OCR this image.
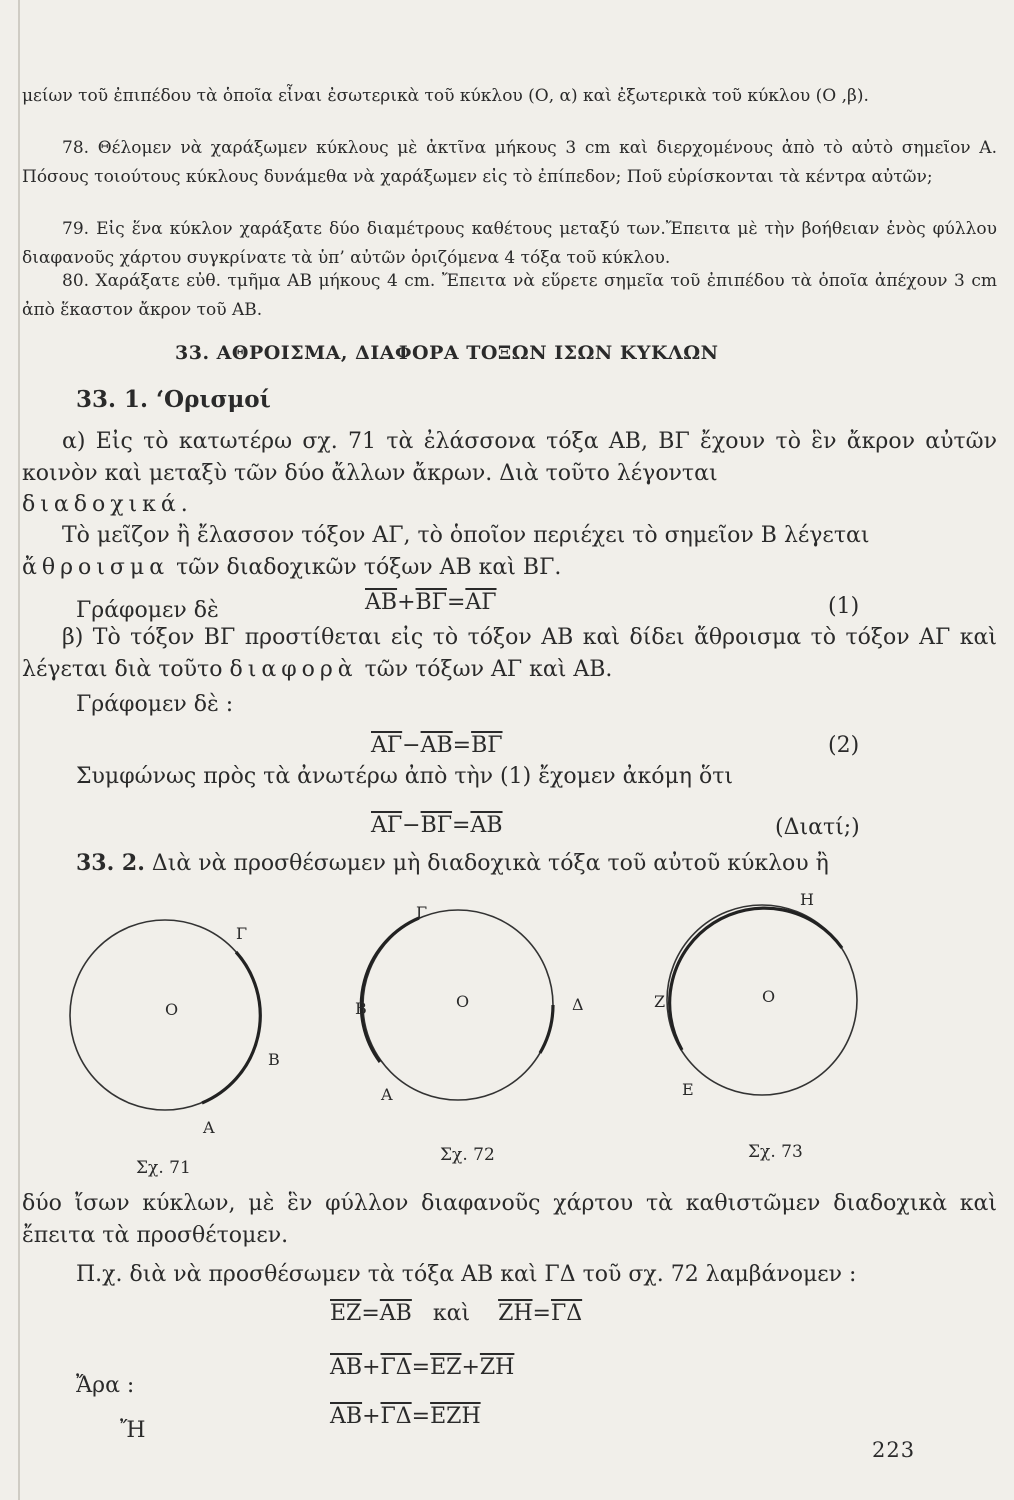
μείων τοῦ ἐπιπέδου τὰ ὁποῖα εἶναι ἐσωτερικὰ τοῦ κύκλου (Ο, α) καὶ ἐξωτερικὰ τοῦ κύκλου (Ο ,β).

78. Θέλομεν νὰ χαράξωμεν κύκλους μὲ ἀκτῖνα μήκους 3 cm καὶ διερχομένους ἀπὸ τὸ αὐτὸ σημεῖον Α. Πόσους τοιούτους κύκλους δυνάμεθα νὰ χαράξωμεν εἰς τὸ ἐπίπεδον; Ποῦ εὑρίσκονται τὰ κέντρα αὐτῶν;

79. Εἰς ἕνα κύκλον χαράξατε δύο διαμέτρους καθέτους μεταξύ των.Ἔπειτα μὲ τὴν βοήθειαν ἑνὸς φύλλου διαφανοῦς χάρτου συγκρίνατε τὰ ὑπ’ αὐτῶν ὁριζόμενα 4 τόξα τοῦ κύκλου.

80. Χαράξατε εὐθ. τμῆμα ΑΒ μήκους 4 cm. Ἔπειτα νὰ εὕρετε σημεῖα τοῦ ἐπιπέδου τὰ ὁποῖα ἀπέχουν 3 cm ἀπὸ ἕκαστον ἄκρον τοῦ ΑΒ.

33. ΑΘΡΟΙΣΜΑ, ΔΙΑΦΟΡΑ ΤΟΞΩΝ ΙΣΩΝ ΚΥΚΛΩΝ
33. 1. ‘Ορισμοί

α) Εἰς τὸ κατωτέρω σχ. 71 τὰ ἐλάσσονα τόξα ΑΒ, ΒΓ ἔχουν τὸ ἓν ἄκρον αὐτῶν κοινὸν καὶ μεταξὺ τῶν δύο ἄλλων ἄκρων. Διὰ τοῦτο λέγονται
διαδοχικά.

Τὸ μεῖζον ἢ ἔλασσον τόξον ΑΓ, τὸ ὁποῖον περιέχει τὸ σημεῖον Β λέγεται
ἄθροισμα τῶν διαδοχικῶν τόξων ΑΒ καὶ ΒΓ.

Γράφομεν δὲ	$\overline{AB}+\overline{B\Gamma}=\overline{A\Gamma}$	(1)

β) Τὸ τόξον ΒΓ προστίθεται εἰς τὸ τόξον ΑΒ καὶ δίδει ἄθροισμα τὸ τόξον ΑΓ καὶ λέγεται διὰ τοῦτο διαφορὰ τῶν τόξων ΑΓ καὶ ΑΒ.

Γράφομεν δὲ :
$\overline{A\Gamma}-\overline{AB}=\overline{B\Gamma}$	(2)
Συμφώνως πρὸς τὰ ἀνωτέρω ἀπὸ τὴν (1) ἔχομεν ἀκόμη ὅτι
$\overline{A\Gamma}-\overline{B\Gamma}=\overline{AB}$	(Διατί;)
33. 2. Διὰ νὰ προσθέσωμεν μὴ διαδοχικὰ τόξα τοῦ αὐτοῦ κύκλου ἢ
Ο
Γ
Β
Α
Σχ. 71
Ο
Γ
Δ
Β
Α
Σχ. 72
Ο
Η
Ζ
Ε
Σχ. 73

δύο ἴσων κύκλων, μὲ ἓν φύλλον διαφανοῦς χάρτου τὰ καθιστῶμεν διαδοχικὰ καὶ ἔπειτα τὰ προσθέτομεν.

Π.χ. διὰ νὰ προσθέσωμεν τὰ τόξα ΑΒ καὶ ΓΔ τοῦ σχ. 72 λαμβάνομεν :
$\overline{EZ}=\overline{AB}$ καὶ $\overline{ZH}=\overline{\Gamma\Delta}$
Ἄρα :
$\overline{AB}+\overline{\Gamma\Delta}=\overline{EZ}+\overline{ZH}$
Ἤ
$\overline{AB}+\overline{\Gamma\Delta}=\overline{EZH}$
223
